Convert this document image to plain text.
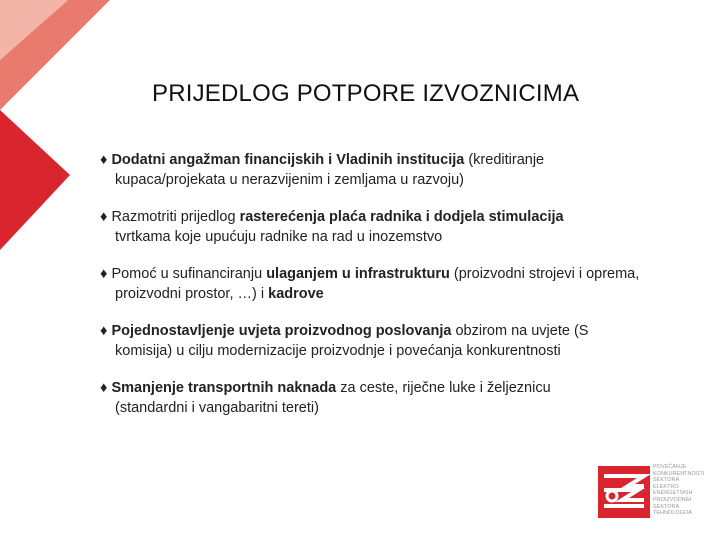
PRIJEDLOG POTPORE IZVOZNICIMA
♦ Dodatni angažman financijskih i Vladinih institucija (kreditiranje
kupaca/projekata u nerazvijenim i zemljama u razvoju)
♦ Razmotriti prijedlog rasterećenja plaća radnika i dodjela stimulacija
tvrtkama koje upućuju radnike na rad u inozemstvo
♦ Pomoć u sufinanciranju ulaganjem u infrastrukturu (proizvodni strojevi i oprema,
proizvodni prostor, …) i kadrove
♦ Pojednostavljenje uvjeta proizvodnog poslovanja obzirom na uvjete (S
komisija) u cilju modernizacije proizvodnje i povećanja konkurentnosti
♦ Smanjenje transportnih naknada za ceste, riječne luke i željeznicu
(standardni i vangabaritni tereti)
POVEĆANJE
KONKURENTNOSTI
SEKTORA ELEKTRO
ENERGETSKIH
PROIZVODNIH
SEKTORA
TEHNOLOGIJA
